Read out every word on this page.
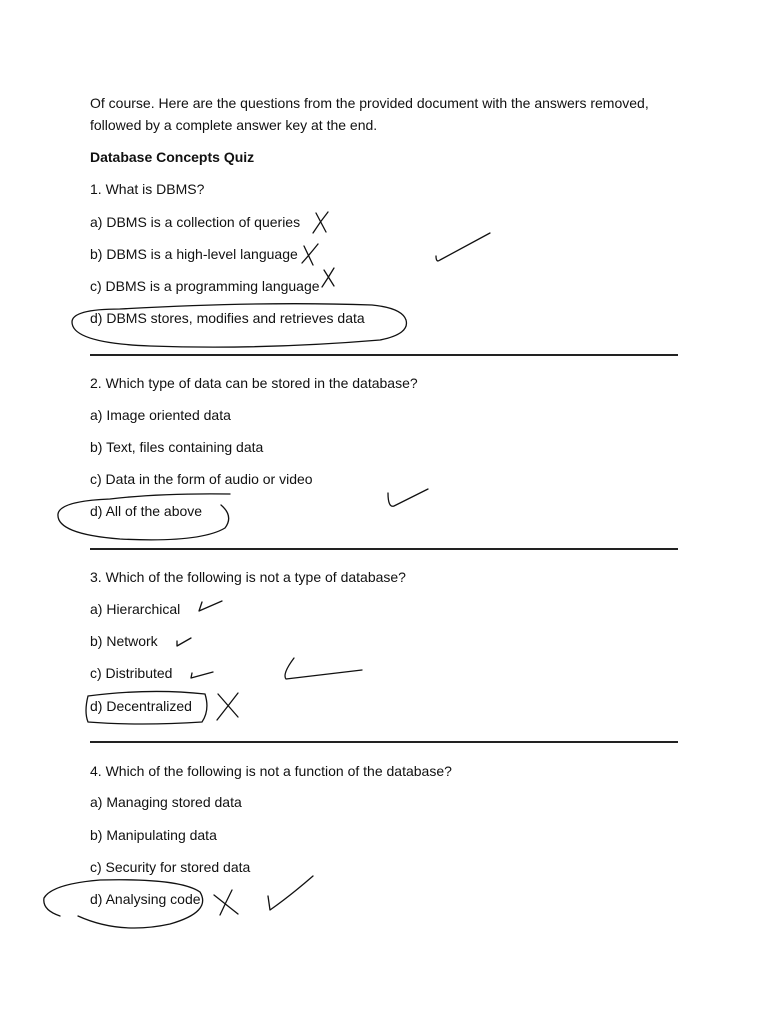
Of course. Here are the questions from the provided document with the answers removed,
followed by a complete answer key at the end.
Database Concepts Quiz
1. What is DBMS?
a) DBMS is a collection of queries
b) DBMS is a high-level language
c) DBMS is a programming language
d) DBMS stores, modifies and retrieves data
2. Which type of data can be stored in the database?
a) Image oriented data
b) Text, files containing data
c) Data in the form of audio or video
d) All of the above
3. Which of the following is not a type of database?
a) Hierarchical
b) Network
c) Distributed
d) Decentralized
4. Which of the following is not a function of the database?
a) Managing stored data
b) Manipulating data
c) Security for stored data
d) Analysing code
